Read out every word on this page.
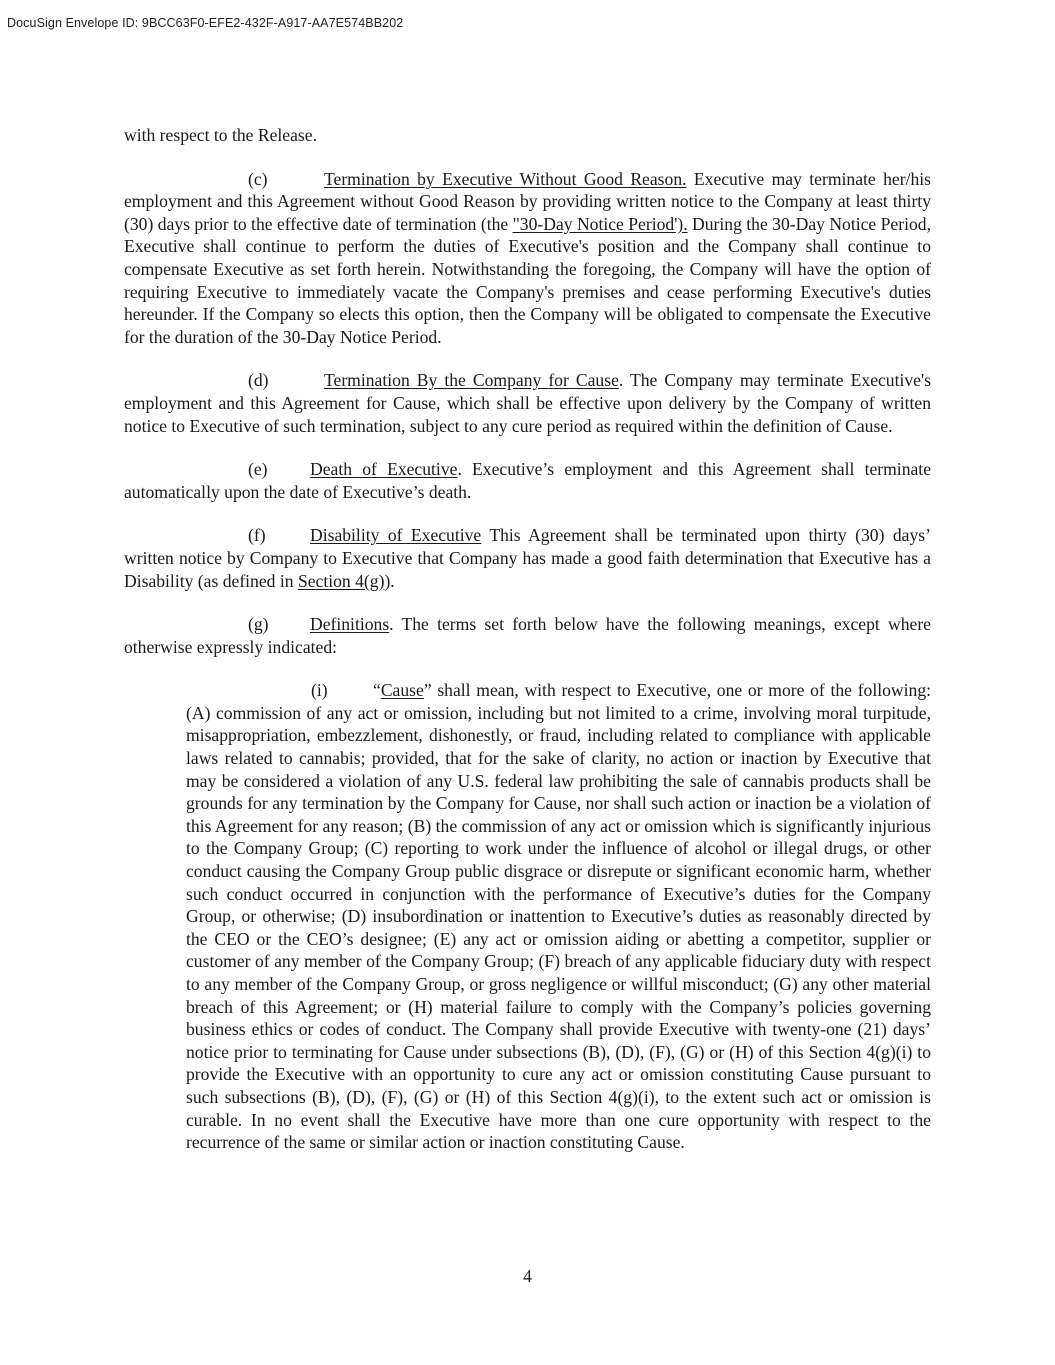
DocuSign Envelope ID: 9BCC63F0-EFE2-432F-A917-AA7E574BB202

with respect to the Release.

(c)	Termination by Executive Without Good Reason. Executive may terminate her/his employment and this Agreement without Good Reason by providing written notice to the Company at least thirty (30) days prior to the effective date of termination (the "30-Day Notice Period'). During the 30-Day Notice Period, Executive shall continue to perform the duties of Executive's position and the Company shall continue to compensate Executive as set forth herein. Notwithstanding the foregoing, the Company will have the option of requiring Executive to immediately vacate the Company's premises and cease performing Executive's duties hereunder. If the Company so elects this option, then the Company will be obligated to compensate the Executive for the duration of the 30-Day Notice Period.

(d)	Termination By the Company for Cause. The Company may terminate Executive's employment and this Agreement for Cause, which shall be effective upon delivery by the Company of written notice to Executive of such termination, subject to any cure period as required within the definition of Cause.

(e) Death of Executive. Executive’s employment and this Agreement shall terminate automatically upon the date of Executive’s death.

(f)	Disability of Executive This Agreement shall be terminated upon thirty (30) days’ written notice by Company to Executive that Company has made a good faith determination that Executive has a Disability (as defined in Section 4(g)).

(g) Definitions. The terms set forth below have the following meanings, except where otherwise expressly indicated:

(i)	“Cause” shall mean, with respect to Executive, one or more of the following: (A) commission of any act or omission, including but not limited to a crime, involving moral turpitude, misappropriation, embezzlement, dishonestly, or fraud, including related to compliance with applicable laws related to cannabis; provided, that for the sake of clarity, no action or inaction by Executive that may be considered a violation of any U.S. federal law prohibiting the sale of cannabis products shall be grounds for any termination by the Company for Cause, nor shall such action or inaction be a violation of this Agreement for any reason; (B) the commission of any act or omission which is significantly injurious to the Company Group; (C) reporting to work under the influence of alcohol or illegal drugs, or other conduct causing the Company Group public disgrace or disrepute or significant economic harm, whether such conduct occurred in conjunction with the performance of Executive’s duties for the Company Group, or otherwise; (D) insubordination or inattention to Executive’s duties as reasonably directed by the CEO or the CEO’s designee; (E) any act or omission aiding or abetting a competitor, supplier or customer of any member of the Company Group; (F) breach of any applicable fiduciary duty with respect to any member of the Company Group, or gross negligence or willful misconduct; (G) any other material breach of this Agreement; or (H) material failure to comply with the Company’s policies governing business ethics or codes of conduct. The Company shall provide Executive with twenty-one (21) days’ notice prior to terminating for Cause under subsections (B), (D), (F), (G) or (H) of this Section 4(g)(i) to provide the Executive with an opportunity to cure any act or omission constituting Cause pursuant to such subsections (B), (D), (F), (G) or (H) of this Section 4(g)(i), to the extent such act or omission is curable. In no event shall the Executive have more than one cure opportunity with respect to the recurrence of the same or similar action or inaction constituting Cause.

4
